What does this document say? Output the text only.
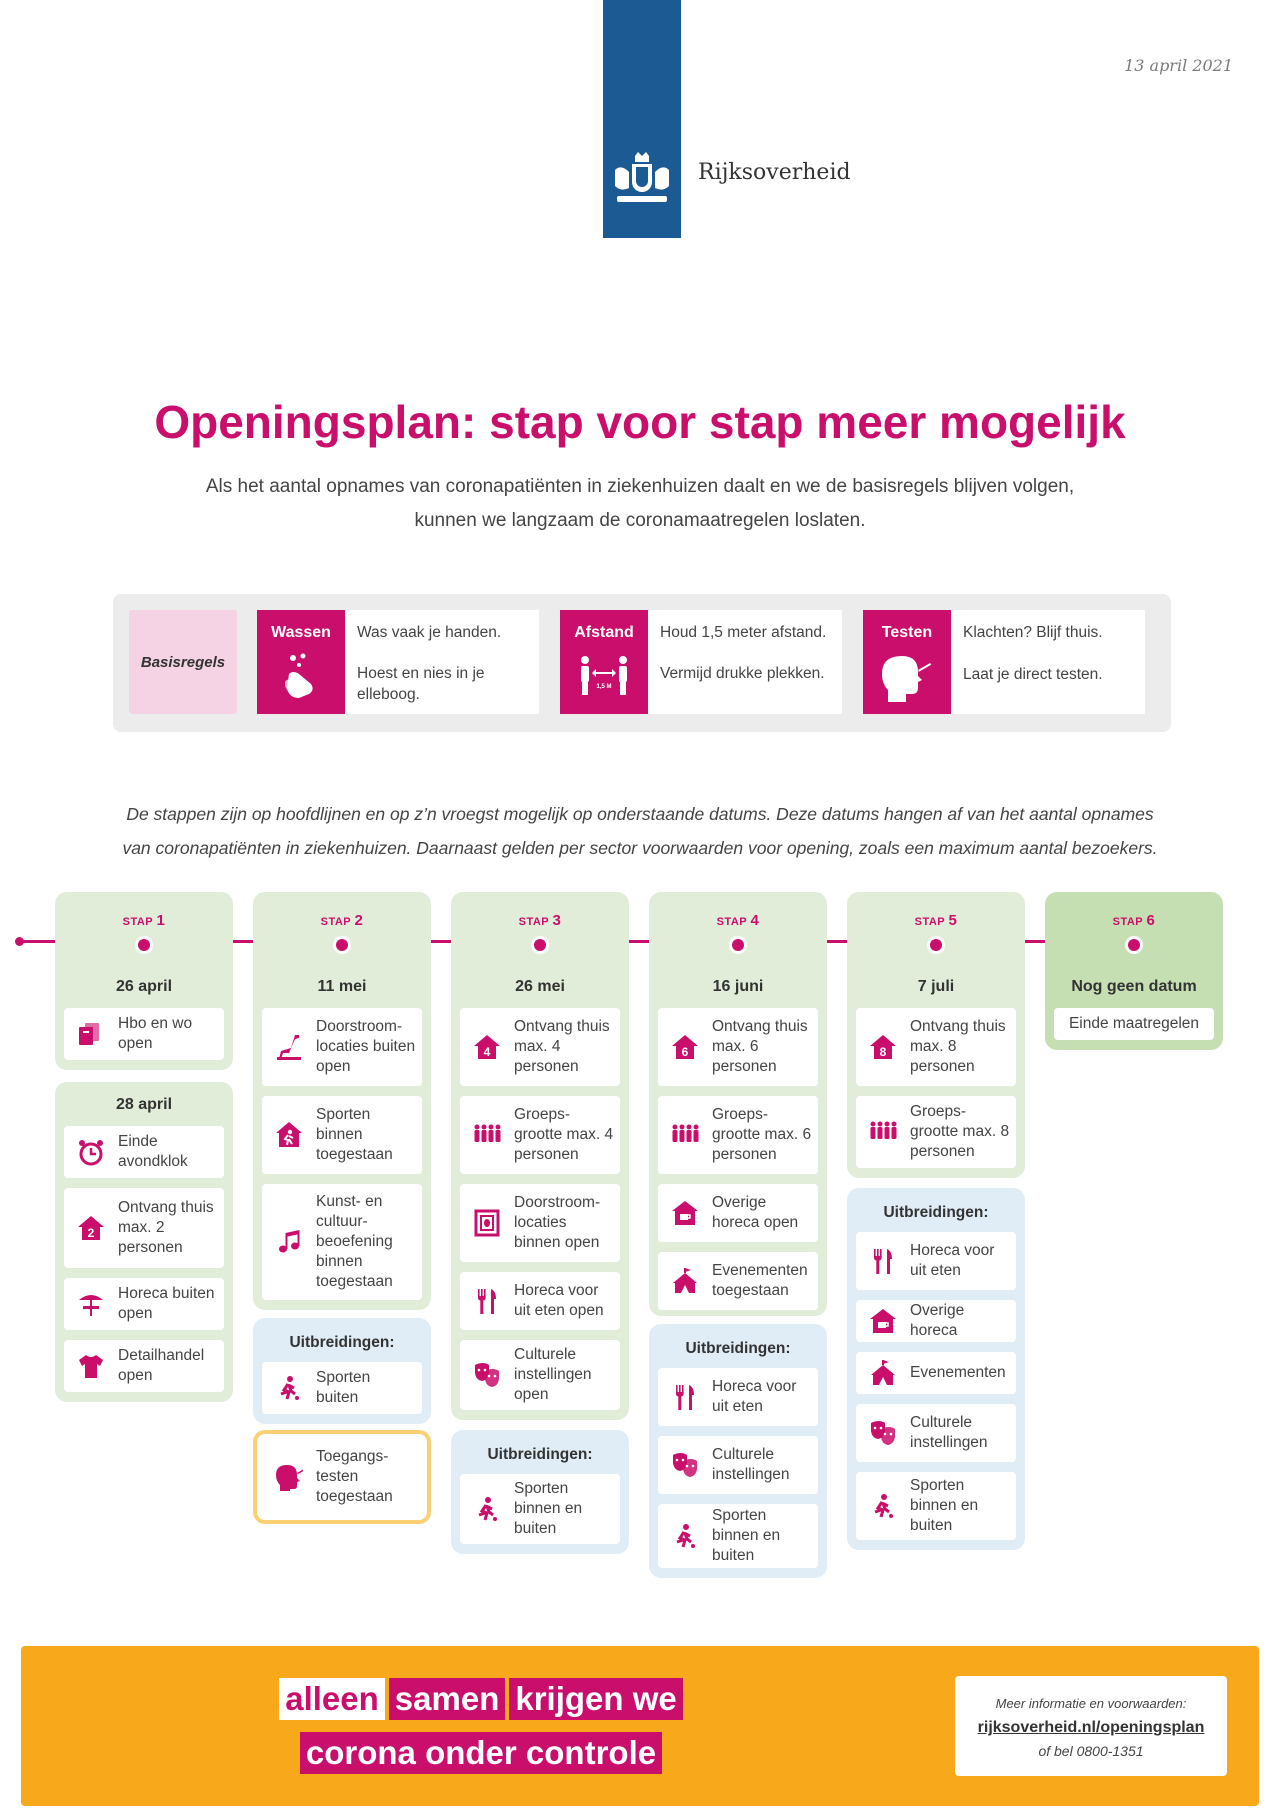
13 april 2021
Rijksoverheid
Openingsplan: stap voor stap meer mogelijk
Als het aantal opnames van coronapatiënten in ziekenhuizen daalt en we de basisregels blijven volgen,
kunnen we langzaam de coronamaatregelen loslaten.
Basisregels
Wassen	Was vaak je handen.

Hoest en nies in je elleboog.

Afstand
1,5 M

Houd 1,5 meter afstand.

Vermijd drukke plekken.

Testen	Klachten? Blijf thuis.

Laat je direct testen.

De stappen zijn op hoofdlijnen en op z’n vroegst mogelijk op onderstaande datums. Deze datums hangen af van het aantal opnames
van coronapatiënten in ziekenhuizen. Daarnaast gelden per sector voorwaarden voor opening, zoals een maximum aantal bezoekers.
STAP 1
26 april
Hbo en wo open
28 april
Einde avondklok
2
Ontvang thuis max. 2 personen
Horeca buiten open
Detailhandel open
STAP 2
11 mei
Doorstroom-locaties buiten open
Sporten binnen toegestaan
Kunst- en cultuur-beoefening binnen toegestaan
Uitbreidingen:
Sporten buiten
Toegangs-testen toegestaan
STAP 3
26 mei
4
Ontvang thuis max. 4 personen
Groeps-grootte max. 4 personen
Doorstroom-locaties binnen open
Horeca voor uit eten open
Culturele instellingen open
Uitbreidingen:
Sporten binnen en buiten
STAP 4
16 juni
6
Ontvang thuis max. 6 personen
Groeps-grootte max. 6 personen
Overige horeca open
Evenementen toegestaan
Uitbreidingen:
Horeca voor uit eten
Culturele instellingen
Sporten binnen en buiten
STAP 5
7 juli
8
Ontvang thuis max. 8 personen
Groeps-grootte max. 8 personen
Uitbreidingen:
Horeca voor uit eten
Overige horeca
Evenementen
Culturele instellingen
Sporten binnen en buiten
STAP 6
Nog geen datum
Einde maatregelen
alleen samen krijgen we
corona onder controle
Meer informatie en voorwaarden:
rijksoverheid.nl/openingsplan
of bel 0800-1351
